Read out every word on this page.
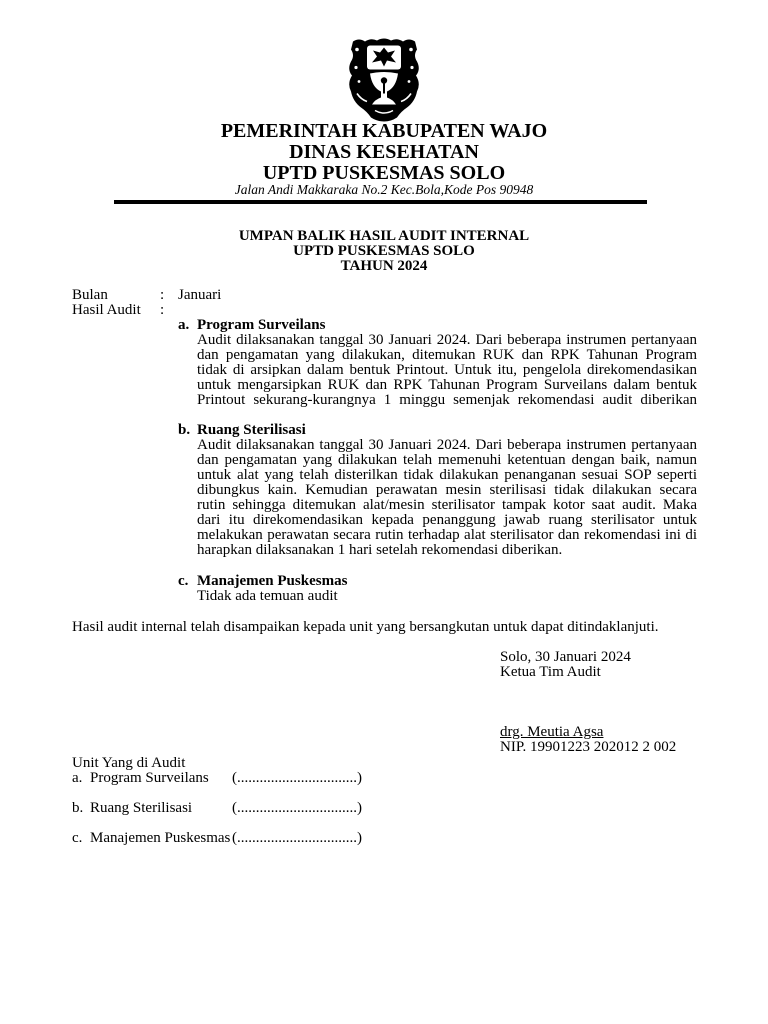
PEMERINTAH KABUPATEN WAJO
DINAS KESEHATAN
UPTD PUSKESMAS SOLO
Jalan Andi Makkaraka No.2 Kec.Bola,Kode Pos 90948
UMPAN BALIK HASIL AUDIT INTERNAL
UPTD PUSKESMAS SOLO
TAHUN 2024
Bulan	: Januari
Hasil Audit :
a. Program Surveilans
Audit dilaksanakan tanggal 30 Januari 2024. Dari beberapa instrumen pertanyaan
dan pengamatan yang dilakukan, ditemukan RUK dan RPK Tahunan Program
tidak di arsipkan dalam bentuk Printout. Untuk itu, pengelola direkomendasikan
untuk mengarsipkan RUK dan RPK Tahunan Program Surveilans dalam bentuk
Printout sekurang-kurangnya 1 minggu semenjak rekomendasi audit diberikan
b. Ruang Sterilisasi
Audit dilaksanakan tanggal 30 Januari 2024. Dari beberapa instrumen pertanyaan
dan pengamatan yang dilakukan telah memenuhi ketentuan dengan baik, namun
untuk alat yang telah disterilkan tidak dilakukan penanganan sesuai SOP seperti
dibungkus kain. Kemudian perawatan mesin sterilisasi tidak dilakukan secara
rutin sehingga ditemukan alat/mesin sterilisator tampak kotor saat audit. Maka
dari itu direkomendasikan kepada penanggung jawab ruang sterilisator untuk
melakukan perawatan secara rutin terhadap alat sterilisator dan rekomendasi ini di
harapkan dilaksanakan 1 hari setelah rekomendasi diberikan.
c. Manajemen Puskesmas
Tidak ada temuan audit
Hasil audit internal telah disampaikan kepada unit yang bersangkutan untuk dapat ditindaklanjuti.
Solo, 30 Januari 2024
Ketua Tim Audit
drg. Meutia Agsa
NIP. 19901223 202012 2 002
Unit Yang di Audit
a. Program Surveilans (................................)
b. Ruang Sterilisasi	(................................)
c. Manajemen Puskesmas (................................)
